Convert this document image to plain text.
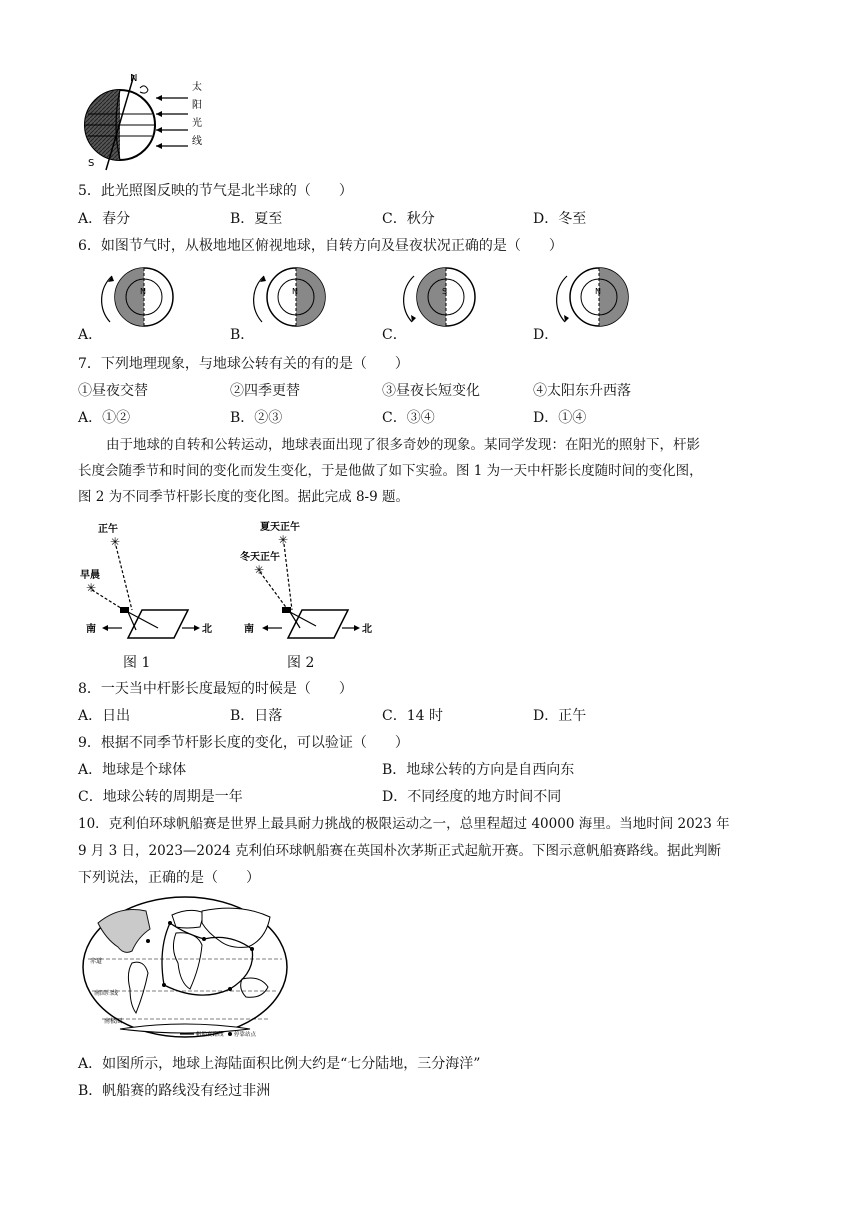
N
S
太
阳
光
线
5．此光照图反映的节气是北半球的（　　）
A．春分	B．夏至	C．秋分	D．冬至
6．如图节气时，从极地地区俯视地球，自转方向及昼夜状况正确的是（　　）
N
A．
N
B．
S
C．
N
D．
7．下列地理现象，与地球公转有关的有的是（　　）
①昼夜交替	②四季更替	③昼夜长短变化	④太阳东升西落
A．①②	B．②③	C．③④	D．①④
由于地球的自转和公转运动，地球表面出现了很多奇妙的现象。某同学发现：在阳光的照射下，杆影
长度会随季节和时间的变化而发生变化，于是他做了如下实验。图 1 为一天中杆影长度随时间的变化图，
图 2 为不同季节杆影长度的变化图。据此完成 8-9 题。
正午
✳
早晨
✳
南	北
图 1
夏天正午
✳
冬天正午
✳
南	北
图 2
8．一天当中杆影长度最短的时候是（　　）
A．日出	B．日落	C．14 时	D．正午
9．根据不同季节杆影长度的变化，可以验证（　　）
A．地球是个球体	B．地球公转的方向是自西向东
C．地球公转的周期是一年	D．不同经度的地方时间不同
10．克利伯环球帆船赛是世界上最具耐力挑战的极限运动之一，总里程超过 40000 海里。当地时间 2023 年
9 月 3 日，2023—2024 克利伯环球帆船赛在英国朴次茅斯正式起航开赛。下图示意帆船赛路线。据此判断
下列说法，正确的是（　　）
赤道
南回归线
南极圈
帆船赛路线 停靠站点
A．如图所示，地球上海陆面积比例大约是“七分陆地，三分海洋”
B．帆船赛的路线没有经过非洲
